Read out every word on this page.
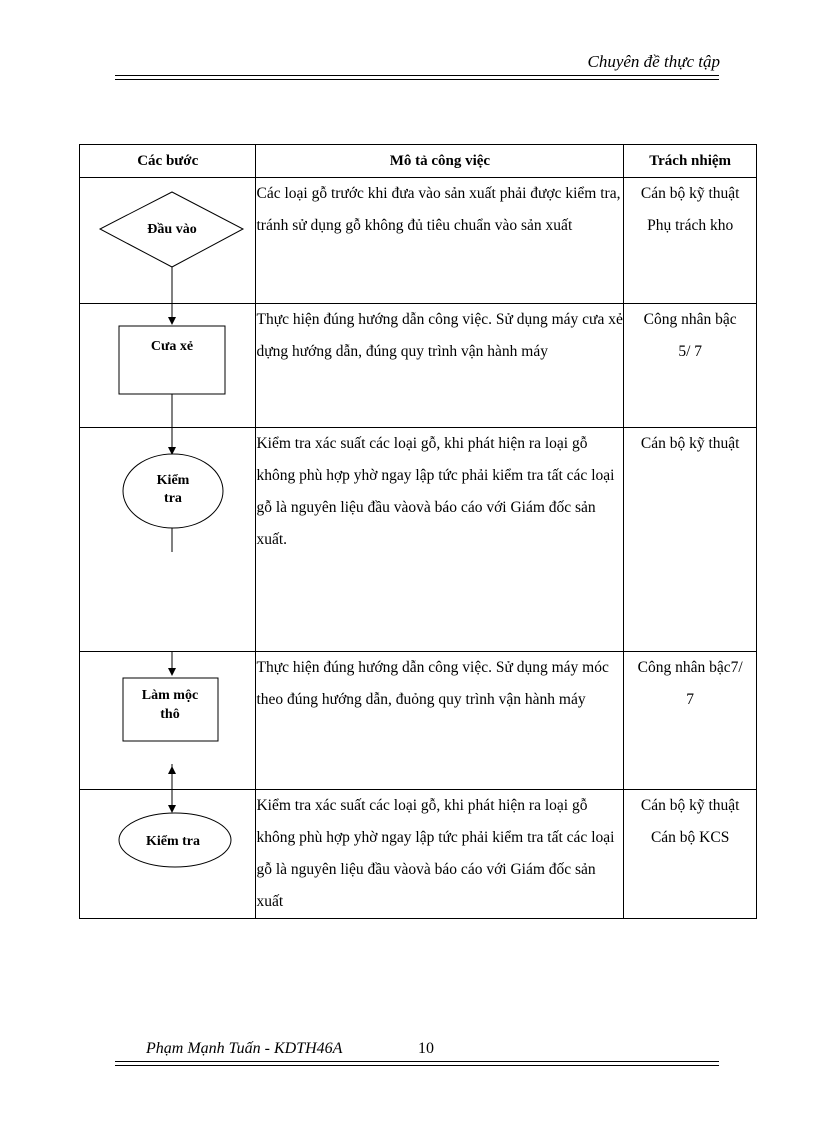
Chuyên đề thực tập
Các bước	Mô tả công việc	Trách nhiệm

Đầu vào	Các loại gỗ trước khi đưa vào sản xuất phải được kiểm tra, tránh sử dụng gỗ không đủ tiêu chuẩn vào sản xuất	Cán bộ kỹ thuật
Phụ trách kho

Cưa xẻ	Thực hiện đúng hướng dẫn công việc. Sử dụng máy cưa xẻ dựng hướng dẫn, đúng quy trình vận hành máy	Công nhân bậc
5/ 7

Kiểm
tra	Kiểm tra xác suất các loại gỗ, khi phát hiện ra loại gỗ không phù hợp yhờ ngay lập tức phải kiểm tra tất các loại gỗ là nguyên liệu đầu vàovà báo cáo với Giám đốc sản xuất.	Cán bộ kỹ thuật

Làm mộc
thô	Thực hiện đúng hướng dẫn công việc. Sử dụng máy móc theo đúng hướng dẫn, đuỏng quy trình vận hành máy	Công nhân bậc7/
7

Kiểm tra	Kiểm tra xác suất các loại gỗ, khi phát hiện ra loại gỗ không phù hợp yhờ ngay lập tức phải kiểm tra tất các loại gỗ là nguyên liệu đầu vàovà báo cáo với Giám đốc sản xuất	Cán bộ kỹ thuật
Cán bộ KCS
Phạm Mạnh Tuấn - KDTH46A	10
